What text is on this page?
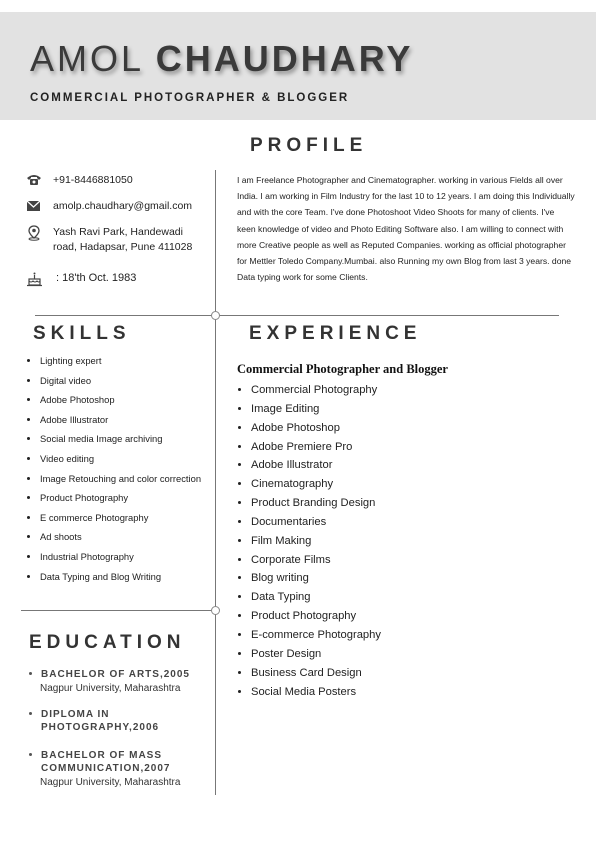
AMOL CHAUDHARY
COMMERCIAL PHOTOGRAPHER & BLOGGER
PROFILE
SKILLS	EXPERIENCE
EDUCATION
+91-8446881050
amolp.chaudhary@gmail.com
Yash Ravi Park, Handewadi
road, Hadapsar, Pune 411028
: 18'th Oct. 1983
I am Freelance Photographer and Cinematographer. working in various Fields all over India. I am working in Film Industry for the last 10 to 12 years. I am doing this Individually and with the core Team. I've done Photoshoot Video Shoots for many of clients. I've keen knowledge of video and Photo Editing Software also. I am willing to connect with more Creative people as well as Reputed Companies. working as official photographer for Mettler Toledo Company.Mumbai. also Running my own Blog from last 3 years. done Data typing work for some Clients.
• Lighting expert
• Digital video
• Adobe Photoshop
• Adobe Illustrator
• Social media Image archiving
• Video editing
• Image Retouching and color correction
• Product Photography
• E commerce Photography
• Ad shoots
• Industrial Photography
• Data Typing and Blog Writing
Commercial Photographer and Blogger
• Commercial Photography
• Image Editing
• Adobe Photoshop
• Adobe Premiere Pro
• Adobe Illustrator
• Cinematography
• Product Branding Design
• Documentaries
• Film Making
• Corporate Films
• Blog writing
• Data Typing
• Product Photography
• E-commerce Photography
• Poster Design
• Business Card Design
• Social Media Posters
BACHELOR OF ARTS,2005
Nagpur University, Maharashtra
DIPLOMA IN
PHOTOGRAPHY,2006
BACHELOR OF MASS
COMMUNICATION,2007
Nagpur University, Maharashtra
